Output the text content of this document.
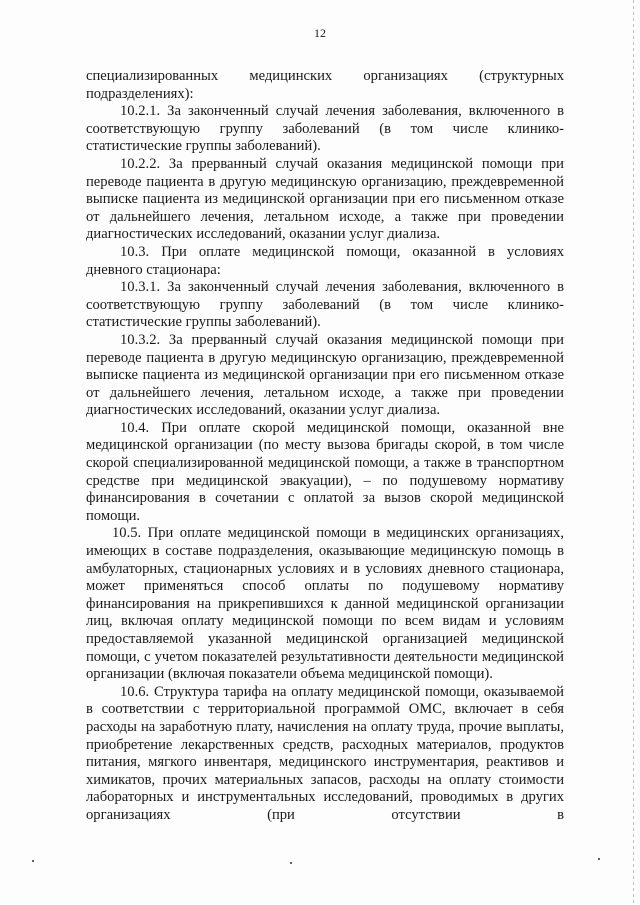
12

специализированных медицинских организациях (структурных подразделениях):

10.2.1. За законченный случай лечения заболевания, включенного в соответствующую группу заболеваний (в том числе клинико-статистические группы заболеваний).

10.2.2. За прерванный случай оказания медицинской помощи при переводе пациента в другую медицинскую организацию, преждевременной выписке пациента из медицинской организации при его письменном отказе от дальнейшего лечения, летальном исходе, а также при проведении диагностических исследований, оказании услуг диализа.

10.3. При оплате медицинской помощи, оказанной в условиях дневного стационара:

10.3.1. За законченный случай лечения заболевания, включенного в соответствующую группу заболеваний (в том числе клинико-статистические группы заболеваний).

10.3.2. За прерванный случай оказания медицинской помощи при переводе пациента в другую медицинскую организацию, преждевременной выписке пациента из медицинской организации при его письменном отказе от дальнейшего лечения, летальном исходе, а также при проведении диагностических исследований, оказании услуг диализа.

10.4. При оплате скорой медицинской помощи, оказанной вне медицинской организации (по месту вызова бригады скорой, в том числе скорой специализированной медицинской помощи, а также в транспортном средстве при медицинской эвакуации), – по подушевому нормативу финансирования в сочетании с оплатой за вызов скорой медицинской помощи.

10.5. При оплате медицинской помощи в медицинских организациях, имеющих в составе подразделения, оказывающие медицинскую помощь в амбулаторных, стационарных условиях и в условиях дневного стационара, может применяться способ оплаты по подушевому нормативу финансирования на прикрепившихся к данной медицинской организации лиц, включая оплату медицинской помощи по всем видам и условиям предоставляемой указанной медицинской организацией медицинской помощи, с учетом показателей результативности деятельности медицинской организации (включая показатели объема медицинской помощи).

10.6. Структура тарифа на оплату медицинской помощи, оказываемой в соответствии с территориальной программой ОМС, включает в себя расходы на заработную плату, начисления на оплату труда, прочие выплаты, приобретение лекарственных средств, расходных материалов, продуктов питания, мягкого инвентаря, медицинского инструментария, реактивов и химикатов, прочих материальных запасов, расходы на оплату стоимости лабораторных и инструментальных исследований, проводимых в других организациях (при отсутствии в
